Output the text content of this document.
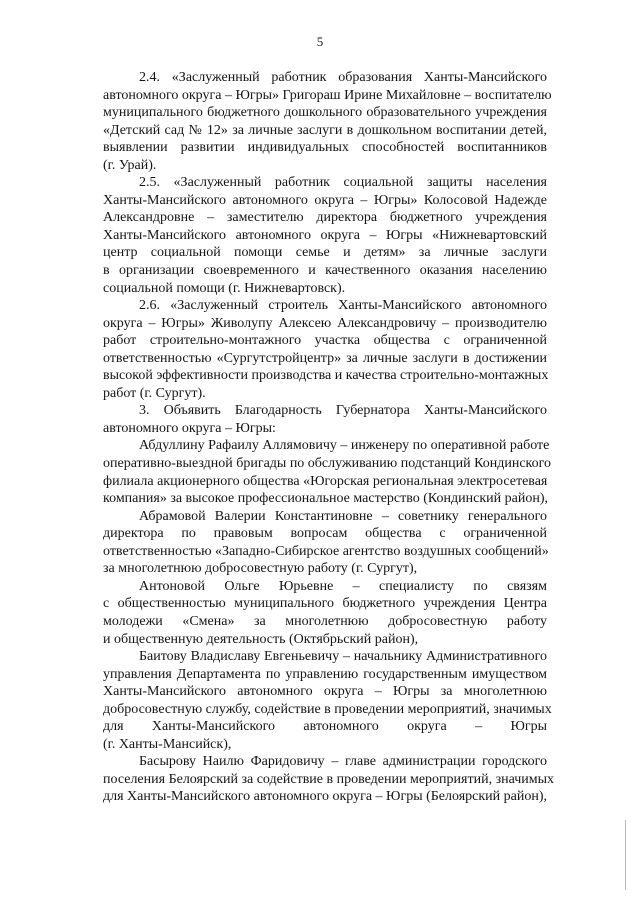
5

2.4. «Заслуженный работник образования Ханты-Мансийского
автономного округа – Югры» Григораш Ирине Михайловне – воспитателю
муниципального бюджетного дошкольного образовательного учреждения
«Детский сад № 12» за личные заслуги в дошкольном воспитании детей,
выявлении развитии индивидуальных способностей воспитанников
(г. Урай).

2.5. «Заслуженный работник социальной защиты населения
Ханты-Мансийского автономного округа – Югры» Колосовой Надежде
Александровне – заместителю директора бюджетного учреждения
Ханты-Мансийского автономного округа – Югры «Нижневартовский
центр социальной помощи семье и детям» за личные заслуги
в организации своевременного и качественного оказания населению
социальной помощи (г. Нижневартовск).

2.6. «Заслуженный строитель Ханты-Мансийского автономного
округа – Югры» Живолупу Алексею Александровичу – производителю
работ строительно-монтажного участка общества с ограниченной
ответственностью «Сургутстройцентр» за личные заслуги в достижении
высокой эффективности производства и качества строительно-монтажных
работ (г. Сургут).

3. Объявить Благодарность Губернатора Ханты-Мансийского
автономного округа – Югры:

Абдуллину Рафаилу Аллямовичу – инженеру по оперативной работе
оперативно-выездной бригады по обслуживанию подстанций Кондинского
филиала акционерного общества «Югорская региональная электросетевая
компания» за высокое профессиональное мастерство (Кондинский район),

Абрамовой Валерии Константиновне – советнику генерального
директора по правовым вопросам общества с ограниченной
ответственностью «Западно-Сибирское агентство воздушных сообщений»
за многолетнюю добросовестную работу (г. Сургут),

Антоновой Ольге Юрьевне – специалисту по связям
с общественностью муниципального бюджетного учреждения Центра
молодежи «Смена» за многолетнюю добросовестную работу
и общественную деятельность (Октябрьский район),

Баитову Владиславу Евгеньевичу – начальнику Административного
управления Департамента по управлению государственным имуществом
Ханты-Мансийского автономного округа – Югры за многолетнюю
добросовестную службу, содействие в проведении мероприятий, значимых
для Ханты-Мансийского автономного округа – Югры
(г. Ханты-Мансийск),

Басырову Наилю Фаридовичу – главе администрации городского
поселения Белоярский за содействие в проведении мероприятий, значимых
для Ханты-Мансийского автономного округа – Югры (Белоярский район),
